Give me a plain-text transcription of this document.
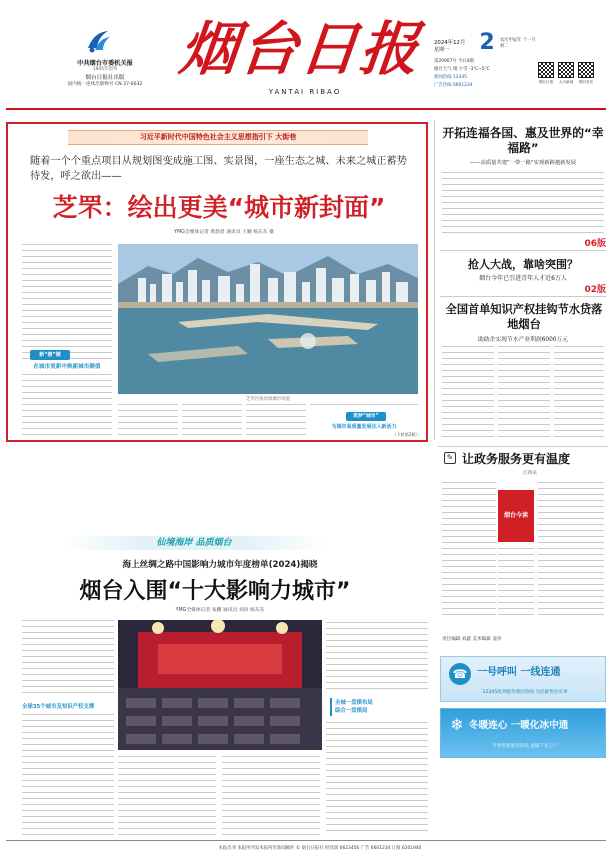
中共烟台市委机关报
1945年创刊
烟台日报社出版
国内统一连续出版物号 CN 37-0032
烟台日报
YANTAI RIBAO
2024年12月
星期一	2	农历甲辰年 十一月初二
第20907号 今日8版
烟台天气 晴 小雪 -3℃~5℃
新闻热线 12345
广告热线 6601234
烟台日报	大小新闻	烟台发布
习近平新时代中国特色社会主义思想指引下 大街巷
随着一个个重点项目从规划图变成施工图、实景图，一座生态之城、未来之城正蓄势待发，呼之欲出——
芝罘：绘出更美“城市新封面”
YMG全媒体记者 黄晨晨 通讯员 王姗 杨东东 摄
新“画”铺
在城市更新中焕新城市颜值
芝罘区海岸线城市风貌
筑梦“城市”
为城市高质量发展注入新活力
（下转第2版）
开拓连福各国、惠及世界的“幸福路”
——高质量共建“一带一路”实现新跨越新发展
06版
抢人大战，靠啥突围？
烟台今年已引进青年人才近6万人
02版
全国首单知识产权挂钩节水贷落地烟台
助助企实现节水产业利润6000万元
仙境海岸 品质烟台
海上丝绸之路中国影响力城市年度榜单(2024)揭晓
烟台入围“十大影响力城市”
YMG全媒体记者 张鹏 通讯员 刘涛 杨东东
全球35个城市及知识产权支撑
全城一盘棋布局
综合一盘棋局
✎ 让政务服务更有温度
江鸿来
烟台今读
责任编辑 刘鑫 美术编辑 姜涛
☎ 一号呼叫 一线连通
12345政务服务便民热线 为民解忧办实事
❄ 冬暖连心 一暖化冰中通
冬季供暖服务热线 温暖千家万户
本报出刊 本报所刊发本报所有新闻稿件 © 烟台日报社 经营部 6623456 广告 6601234 订阅 6201940
